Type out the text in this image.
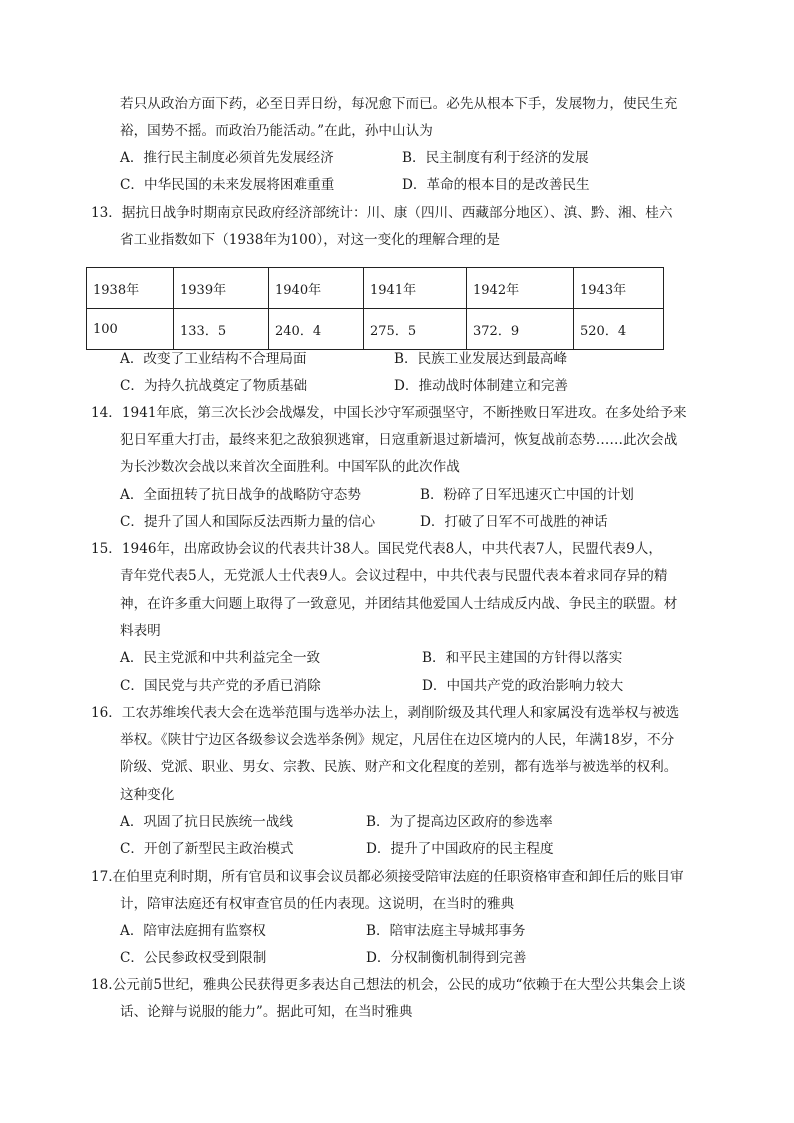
若只从政治方面下药，必至日弄日纷，每况愈下而已。必先从根本下手，发展物力，使民生充
裕，国势不摇。而政治乃能活动。”在此，孙中山认为
A．推行民主制度必须首先发展经济	B．民主制度有利于经济的发展
C．中华民国的未来发展将困难重重	D．革命的根本目的是改善民生
13．据抗日战争时期南京民政府经济部统计：川、康（四川、西藏部分地区）、滇、黔、湘、桂六
省工业指数如下（1938年为100），对这一变化的理解合理的是
1938年	1939年	1940年	1941年	1942年	1943年
100	133．5	240．4	275．5	372．9	520．4
A．改变了工业结构不合理局面	B．民族工业发展达到最高峰
C．为持久抗战奠定了物质基础	D．推动战时体制建立和完善
14．1941年底，第三次长沙会战爆发，中国长沙守军顽强坚守，不断挫败日军进攻。在多处给予来
犯日军重大打击，最终来犯之敌狼狈逃窜，日寇重新退过新墙河，恢复战前态势……此次会战
为长沙数次会战以来首次全面胜利。中国军队的此次作战
A．全面扭转了抗日战争的战略防守态势	B．粉碎了日军迅速灭亡中国的计划
C．提升了国人和国际反法西斯力量的信心	D．打破了日军不可战胜的神话
15．1946年，出席政协会议的代表共计38人。国民党代表8人，中共代表7人，民盟代表9人，
青年党代表5人，无党派人士代表9人。会议过程中，中共代表与民盟代表本着求同存异的精
神，在许多重大问题上取得了一致意见，并团结其他爱国人士结成反内战、争民主的联盟。材
料表明
A．民主党派和中共利益完全一致	B．和平民主建国的方针得以落实
C．国民党与共产党的矛盾已消除	D．中国共产党的政治影响力较大
16．工农苏维埃代表大会在选举范围与选举办法上，剥削阶级及其代理人和家属没有选举权与被选
举权。《陕甘宁边区各级参议会选举条例》规定，凡居住在边区境内的人民，年满18岁，不分
阶级、党派、职业、男女、宗教、民族、财产和文化程度的差别，都有选举与被选举的权利。
这种变化
A．巩固了抗日民族统一战线	B．为了提高边区政府的参选率
C．开创了新型民主政治模式	D．提升了中国政府的民主程度
17.在伯里克利时期，所有官员和议事会议员都必须接受陪审法庭的任职资格审查和卸任后的账目审
计，陪审法庭还有权审查官员的任内表现。这说明，在当时的雅典
A．陪审法庭拥有监察权	B．陪审法庭主导城邦事务
C．公民参政权受到限制	D．分权制衡机制得到完善
18.公元前5世纪，雅典公民获得更多表达自己想法的机会，公民的成功“依赖于在大型公共集会上谈
话、论辩与说服的能力”。据此可知，在当时雅典
